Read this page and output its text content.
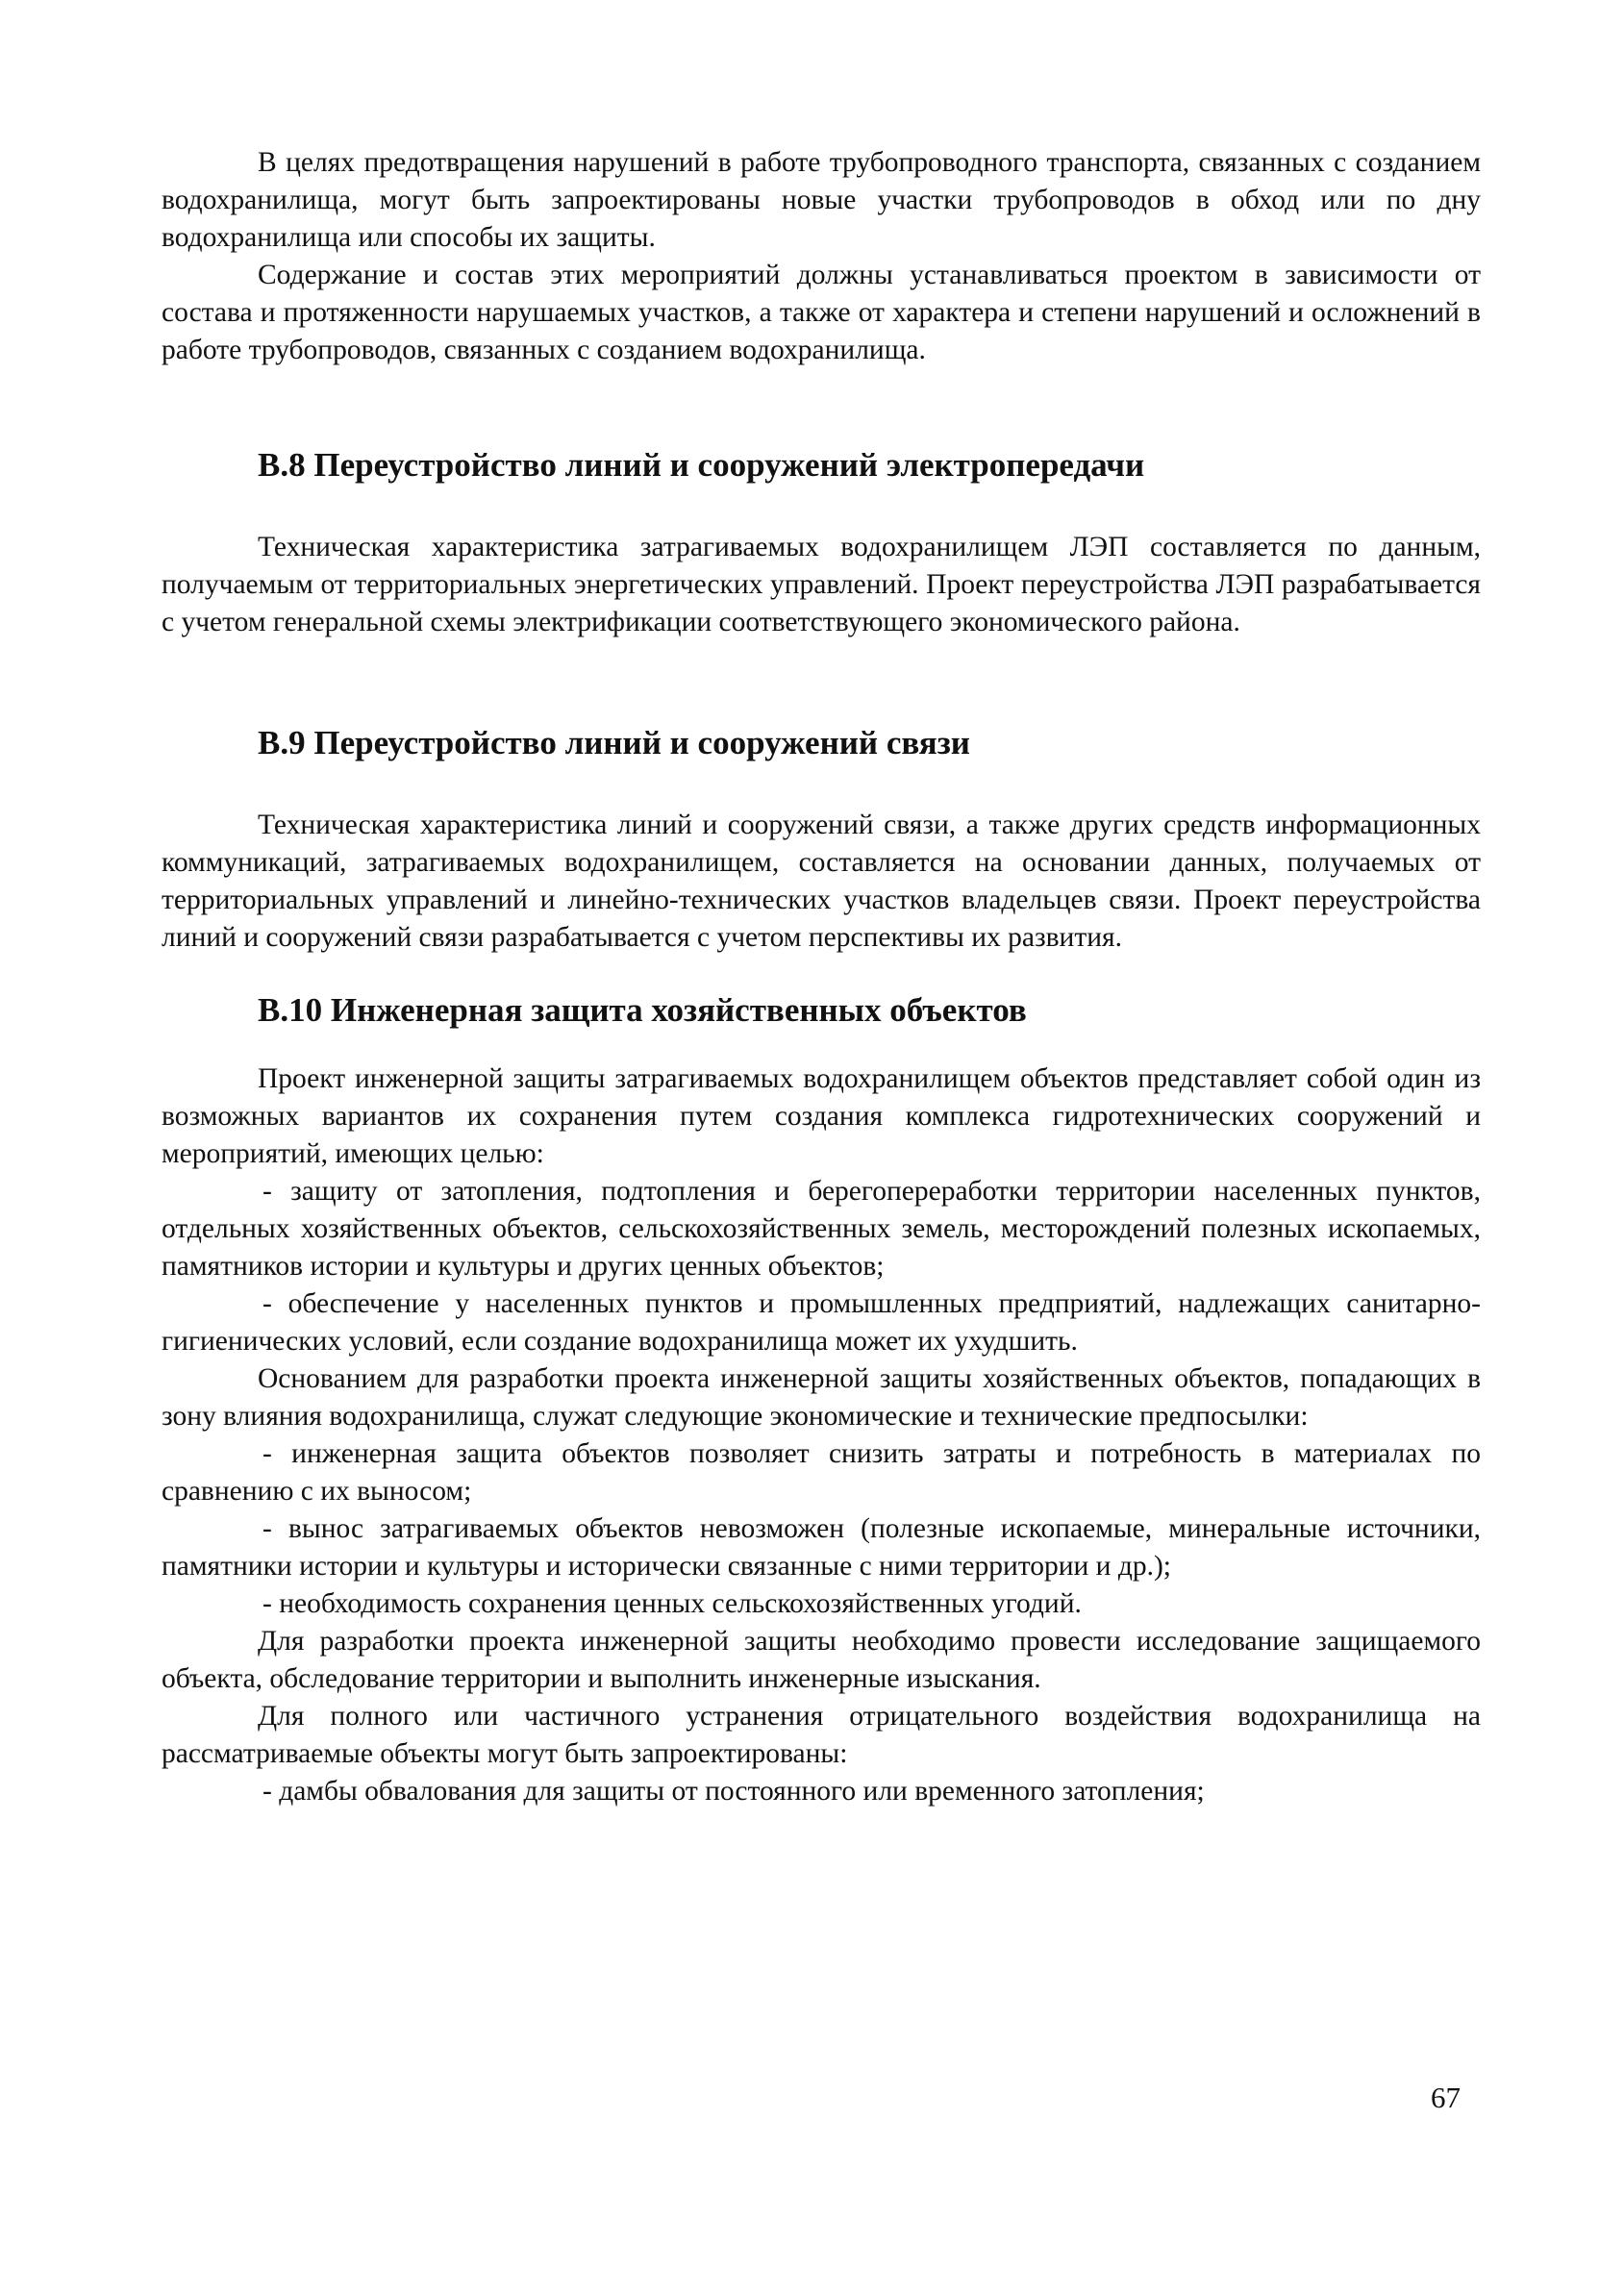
В целях предотвращения нарушений в работе трубопроводного транспорта, связанных с созданием водохранилища, могут быть запроектированы новые участки трубопроводов в обход или по дну водохранилища или способы их защиты.

Содержание и состав этих мероприятий должны устанавливаться проектом в зависимости от состава и протяженности нарушаемых участков, а также от характера и степени нарушений и осложнений в работе трубопроводов, связанных с созданием водохранилища.

В.8 Переустройство линий и сооружений электропередачи

Техническая характеристика затрагиваемых водохранилищем ЛЭП составляется по данным, получаемым от территориальных энергетических управлений. Проект переустройства ЛЭП разрабатывается с учетом генеральной схемы электрификации соответствующего экономического района.

В.9 Переустройство линий и сооружений связи

Техническая характеристика линий и сооружений связи, а также других средств информационных коммуникаций, затрагиваемых водохранилищем, составляется на основании данных, получаемых от территориальных управлений и линейно-технических участков владельцев связи. Проект переустройства линий и сооружений связи разрабатывается с учетом перспективы их развития.

В.10 Инженерная защита хозяйственных объектов

Проект инженерной защиты затрагиваемых водохранилищем объектов представляет собой один из возможных вариантов их сохранения путем создания комплекса гидротехнических сооружений и мероприятий, имеющих целью:

- защиту от затопления, подтопления и берегопереработки территории населенных пунктов, отдельных хозяйственных объектов, сельскохозяйственных земель, месторождений полезных ископаемых, памятников истории и культуры и других ценных объектов;

- обеспечение у населенных пунктов и промышленных предприятий, надлежащих санитарно-гигиенических условий, если создание водохранилища может их ухудшить.

Основанием для разработки проекта инженерной защиты хозяйственных объектов, попадающих в зону влияния водохранилища, служат следующие экономические и технические предпосылки:

- инженерная защита объектов позволяет снизить затраты и потребность в материалах по сравнению с их выносом;

- вынос затрагиваемых объектов невозможен (полезные ископаемые, минеральные источники, памятники истории и культуры и исторически связанные с ними территории и др.);

- необходимость сохранения ценных сельскохозяйственных угодий.

Для разработки проекта инженерной защиты необходимо провести исследование защищаемого объекта, обследование территории и выполнить инженерные изыскания.

Для полного или частичного устранения отрицательного воздействия водохранилища на рассматриваемые объекты могут быть запроектированы:

- дамбы обвалования для защиты от постоянного или временного затопления;

67
